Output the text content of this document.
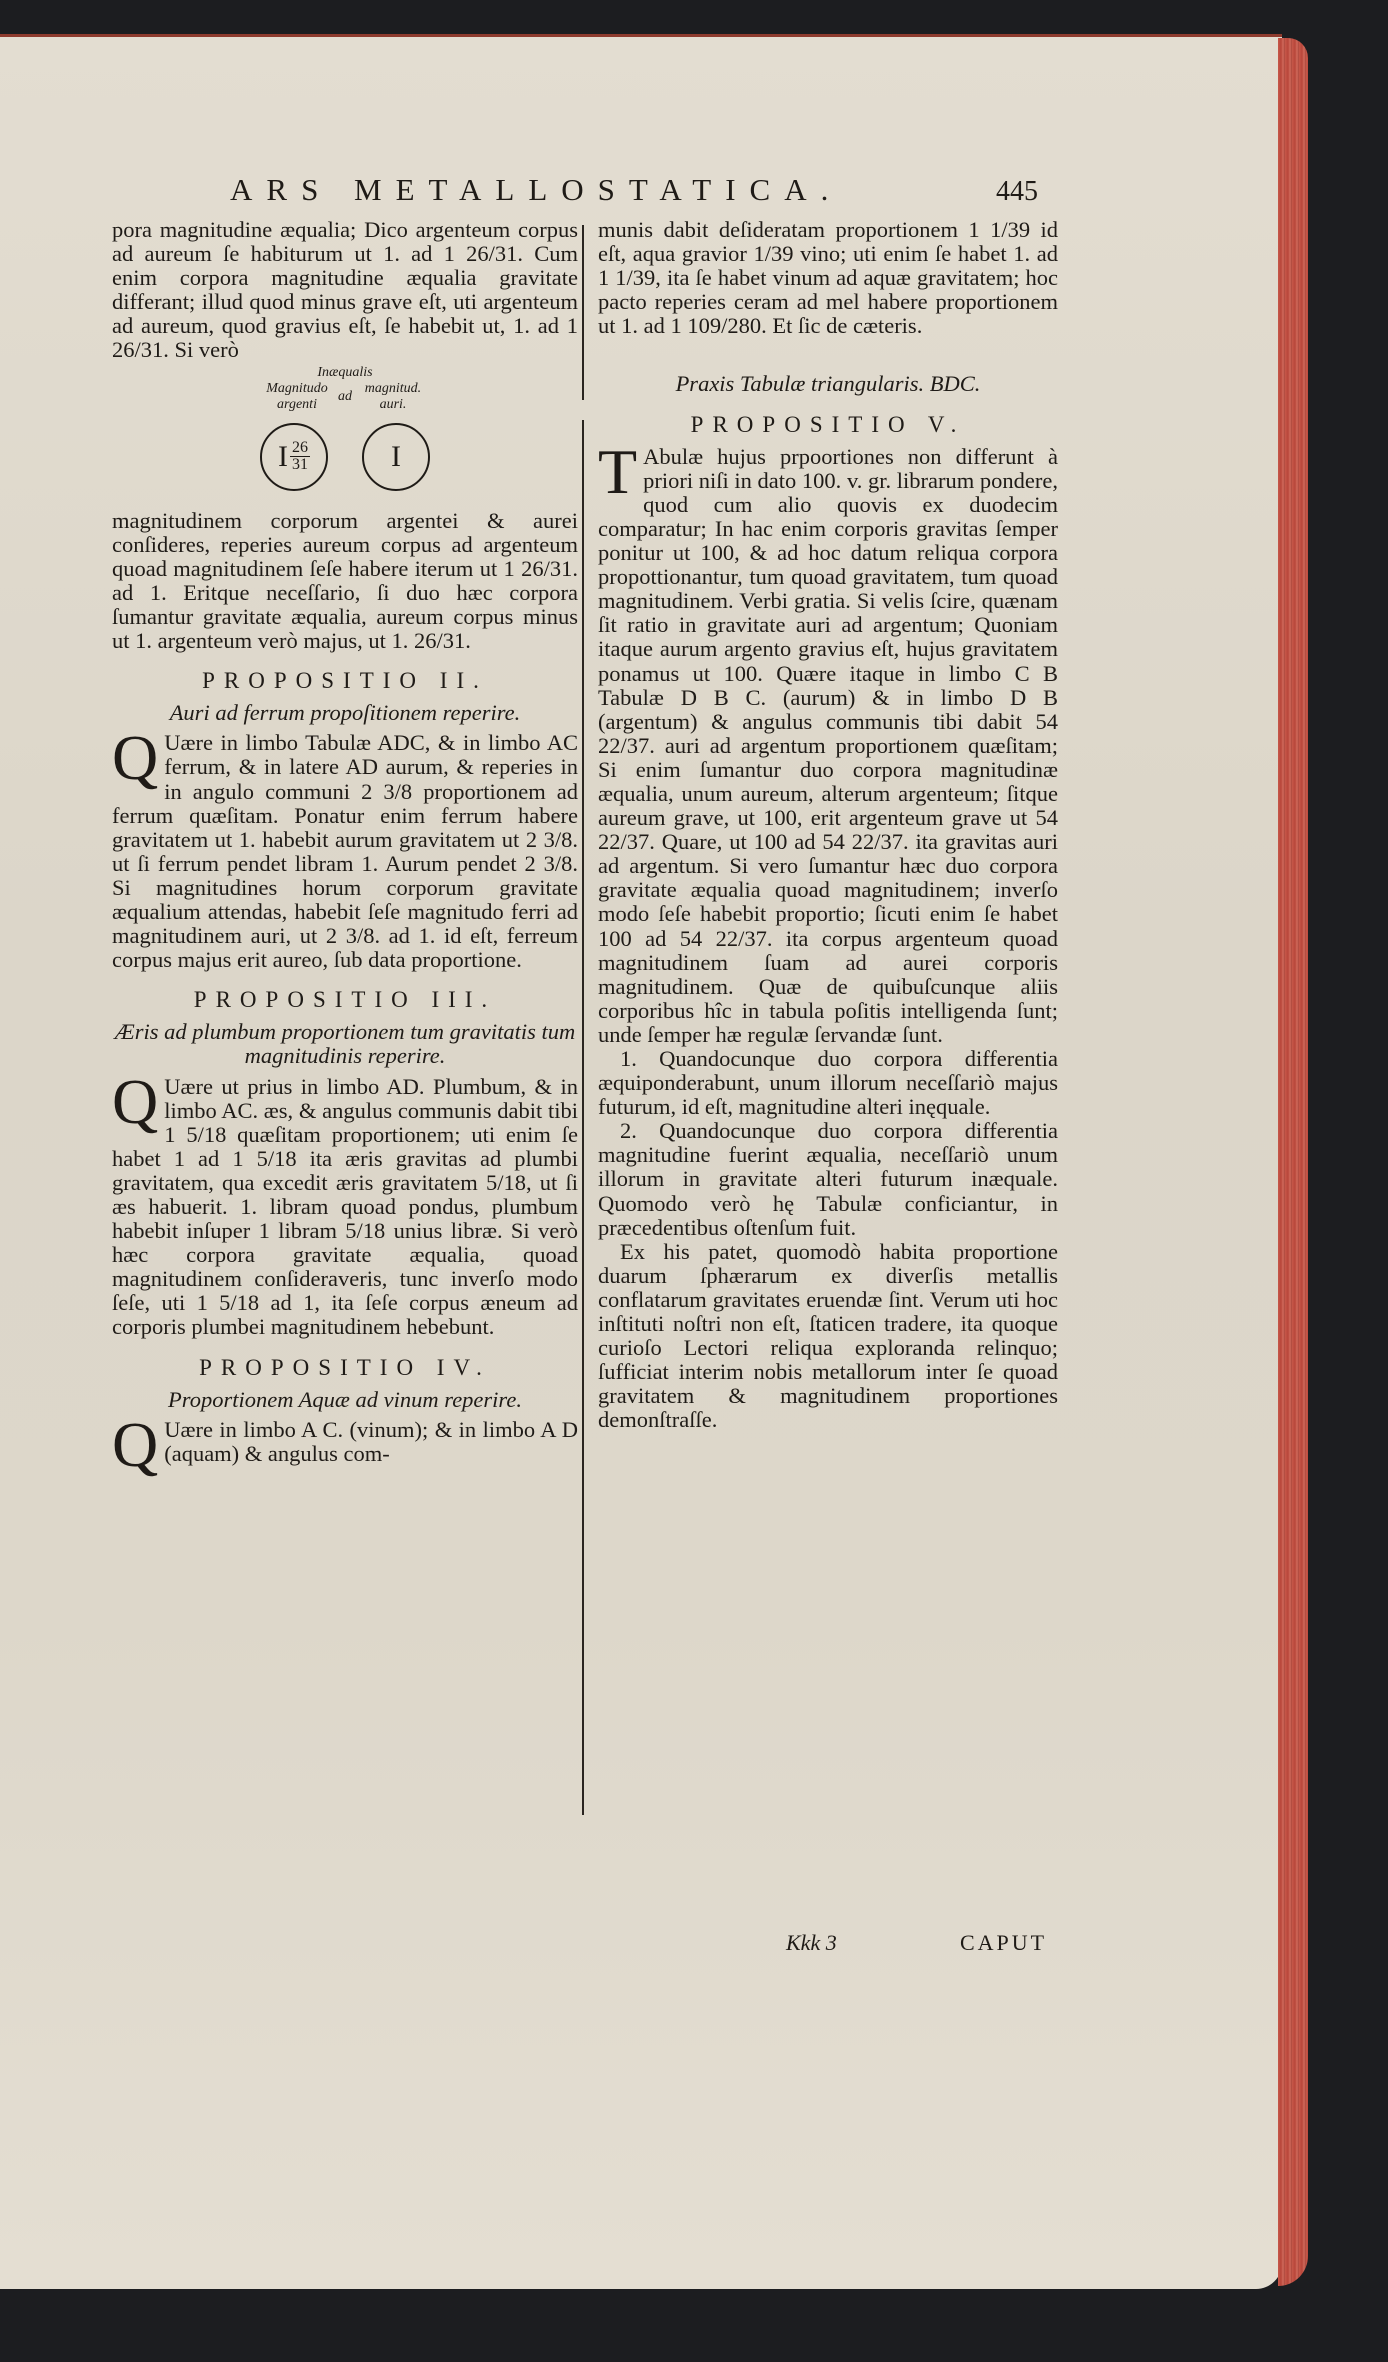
ARS METALLOSTATICA.	445

pora magnitudine æqualia; Dico argenteum corpus ad aureum ſe habiturum ut 1. ad 1 26/31. Cum enim corpora magnitudine æqualia gravitate differant; illud quod minus grave eſt, uti argenteum ad aureum, quod gravius eſt, ſe habebit ut, 1. ad 1 26/31. Si verò

Inæqualis
Magnitudo argenti
ad
magnitud. auri.
I $\frac{26}{31}$	I

magnitudinem corporum argentei & aurei conſideres, reperies aureum corpus ad argenteum quoad magnitudinem ſeſe habere iterum ut 1 26/31. ad 1. Eritque neceſſario, ſi duo hæc corpora ſumantur gravitate æqualia, aureum corpus minus ut 1. argenteum verò majus, ut 1. 26/31.

PROPOSITIO II.
Auri ad ferrum propoſitionem reperire.

Q Uære in limbo Tabulæ ADC, & in limbo AC ferrum, & in latere AD aurum, & reperies in in angulo communi 2 3/8 proportionem ad ferrum quæſitam. Ponatur enim ferrum habere gravitatem ut 1. habebit aurum gravitatem ut 2 3/8. ut ſi ferrum pendet libram 1. Aurum pendet 2 3/8. Si magnitudines horum corporum gravitate æqualium attendas, habebit ſeſe magnitudo ferri ad magnitudinem auri, ut 2 3/8. ad 1. id eſt, ferreum corpus majus erit aureo, ſub data proportione.

PROPOSITIO III.
Æris ad plumbum proportionem tum gravitatis tum magnitudinis reperire.

Q Uære ut prius in limbo AD. Plumbum, & in limbo AC. æs, & angulus communis dabit tibi 1 5/18 quæſitam proportionem; uti enim ſe habet 1 ad 1 5/18 ita æris gravitas ad plumbi gravitatem, qua excedit æris gravitatem 5/18, ut ſi æs habuerit. 1. libram quoad pondus, plumbum habebit inſuper 1 libram 5/18 unius libræ. Si verò hæc corpora gravitate æqualia, quoad magnitudinem conſideraveris, tunc inverſo modo ſeſe, uti 1 5/18 ad 1, ita ſeſe corpus æneum ad corporis plumbei magnitudinem hebebunt.

PROPOSITIO IV.
Proportionem Aquæ ad vinum reperire.

Q Uære in limbo A C. (vinum); & in limbo A D (aquam) & angulus com-

munis dabit deſideratam proportionem 1 1/39 id eſt, aqua gravior 1/39 vino; uti enim ſe habet 1. ad 1 1/39, ita ſe habet vinum ad aquæ gravitatem; hoc pacto reperies ceram ad mel habere proportionem ut 1. ad 1 109/280. Et ſic de cæteris.

Praxis Tabulæ triangularis. BDC.
PROPOSITIO V.

T Abulæ hujus prpoortiones non differunt à priori niſi in dato 100. v. gr. librarum pondere, quod cum alio quovis ex duodecim comparatur; In hac enim corporis gravitas ſemper ponitur ut 100, & ad hoc datum reliqua corpora propottionantur, tum quoad gravitatem, tum quoad magnitudinem. Verbi gratia. Si velis ſcire, quænam ſit ratio in gravitate auri ad argentum; Quoniam itaque aurum argento gravius eſt, hujus gravitatem ponamus ut 100. Quære itaque in limbo C B Tabulæ D B C. (aurum) & in limbo D B (argentum) & angulus communis tibi dabit 54 22/37. auri ad argentum proportionem quæſitam; Si enim ſumantur duo corpora magnitudinæ æqualia, unum aureum, alterum argenteum; ſitque aureum grave, ut 100, erit argenteum grave ut 54 22/37. Quare, ut 100 ad 54 22/37. ita gravitas auri ad argentum. Si vero ſumantur hæc duo corpora gravitate æqualia quoad magnitudinem; inverſo modo ſeſe habebit proportio; ſicuti enim ſe habet 100 ad 54 22/37. ita corpus argenteum quoad magnitudinem ſuam ad aurei corporis magnitudinem. Quæ de quibuſcunque aliis corporibus hîc in tabula poſitis intelligenda ſunt; unde ſemper hæ regulæ ſervandæ ſunt.

1. Quandocunque duo corpora differentia æquiponderabunt, unum illorum neceſſariò majus futurum, id eſt, magnitudine alteri inęquale.

2. Quandocunque duo corpora differentia magnitudine fuerint æqualia, neceſſariò unum illorum in gravitate alteri futurum inæquale. Quomodo verò hę Tabulæ conficiantur, in præcedentibus oſtenſum fuit.

Ex his patet, quomodò habita proportione duarum ſphærarum ex diverſis metallis conflatarum gravitates eruendæ ſint. Verum uti hoc inſtituti noſtri non eſt, ſtaticen tradere, ita quoque curioſo Lectori reliqua exploranda relinquo; ſufficiat interim nobis metallorum inter ſe quoad gravitatem & magnitudinem proportiones demonſtraſſe.

Kkk 3	CAPUT
